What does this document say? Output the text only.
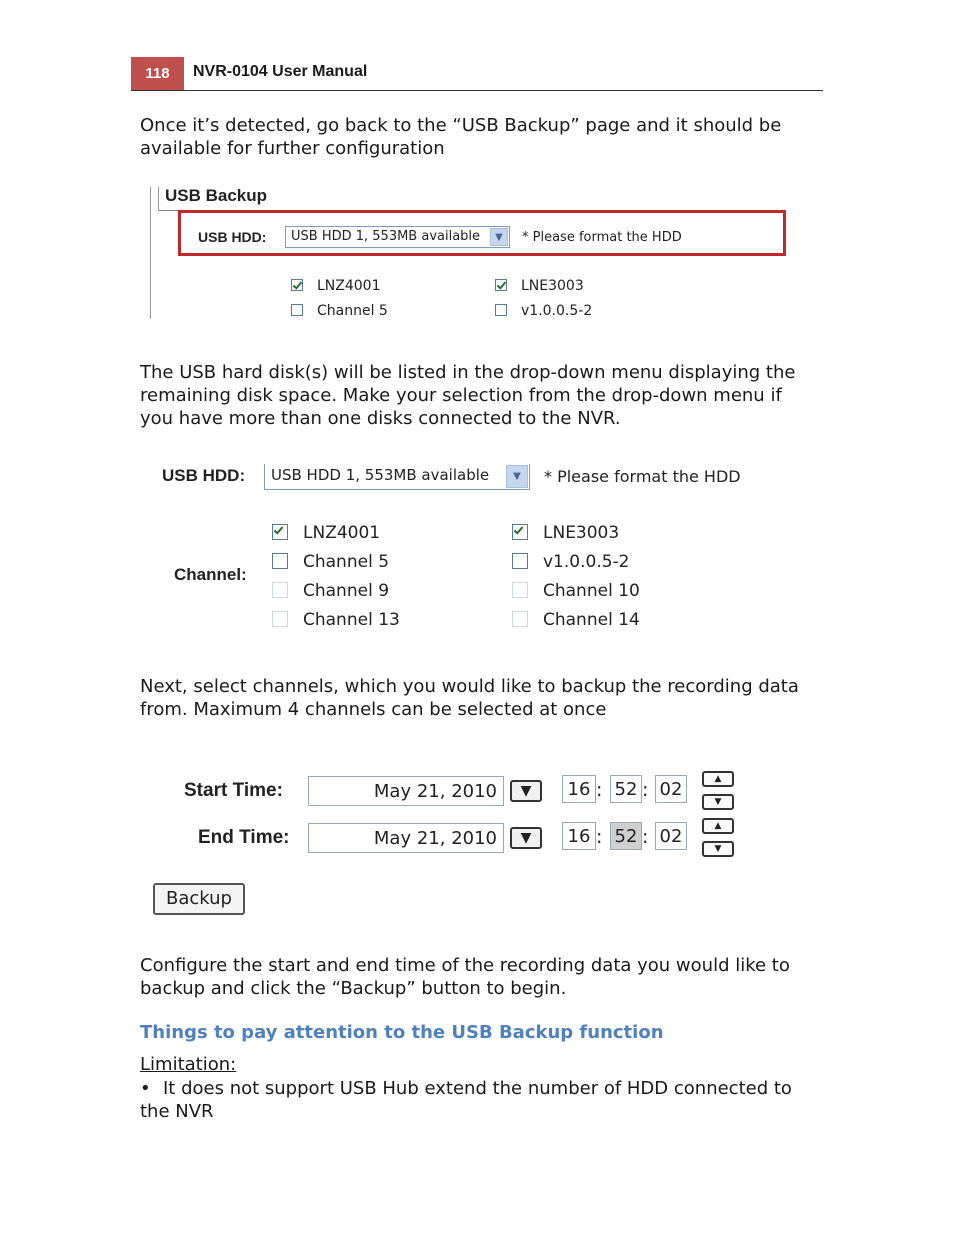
118	NVR-0104 User Manual
Once it’s detected, go back to the “USB Backup” page and it should be available for further configuration
USB Backup
USB HDD: USB HDD 1, 553MB available	▼	* Please format the HDD
LNZ4001	LNE3003
Channel 5	v1.0.0.5-2
The USB hard disk(s) will be listed in the drop-down menu displaying the remaining disk space. Make your selection from the drop-down menu if you have more than one disks connected to the NVR.
USB HDD: USB HDD 1, 553MB available	▼	* Please format the HDD
Channel:
LNZ4001	LNE3003
Channel 5	v1.0.0.5-2
Channel 9	Channel 10
Channel 13	Channel 14
Next, select channels, which you would like to backup the recording data from. Maximum 4 channels can be selected at once
Start Time:	May 21, 2010 ▼ 16 : 52 : 02	▲
▼
End Time:	May 21, 2010 ▼ 16 : 52 : 02	▲
▼
Backup
Configure the start and end time of the recording data you would like to backup and click the “Backup” button to begin.
Things to pay attention to the USB Backup function
Limitation:
• It does not support USB Hub extend the number of HDD connected to the NVR
